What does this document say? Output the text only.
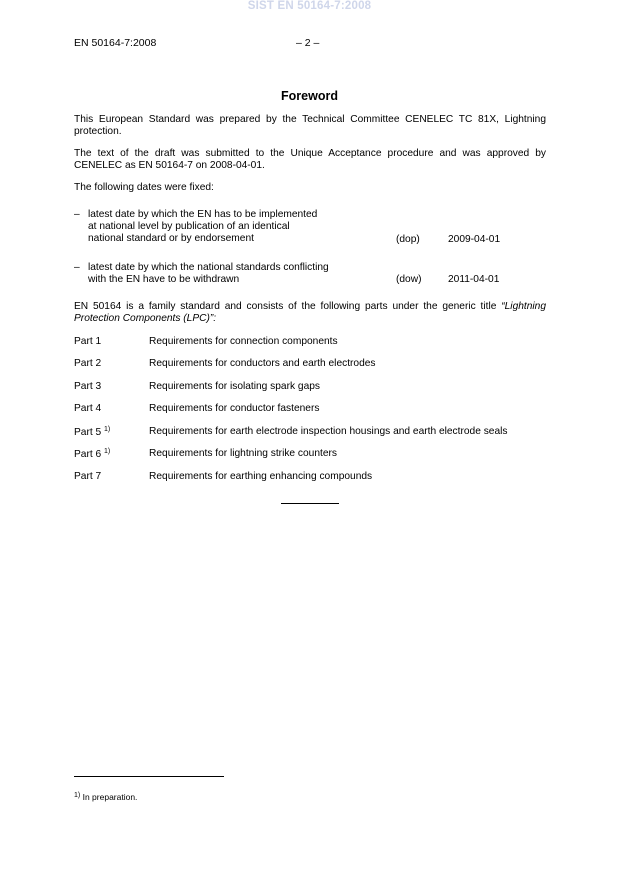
SIST EN 50164-7:2008
EN 50164-7:2008	– 2 –
Foreword
This European Standard was prepared by the Technical Committee CENELEC TC 81X, Lightning protection.
The text of the draft was submitted to the Unique Acceptance procedure and was approved by CENELEC as EN 50164-7 on 2008-04-01.
The following dates were fixed:
– latest date by which the EN has to be implemented
at national level by publication of an identical
national standard or by endorsement	(dop)	2009-04-01
– latest date by which the national standards conflicting
with the EN have to be withdrawn	(dow)	2011-04-01
EN 50164 is a family standard and consists of the following parts under the generic title “Lightning Protection Components (LPC)”:
Part 1	Requirements for connection components
Part 2	Requirements for conductors and earth electrodes
Part 3	Requirements for isolating spark gaps
Part 4	Requirements for conductor fasteners
Part 5 $^{1)}$	Requirements for earth electrode inspection housings and earth electrode seals
Part 6 $^{1)}$	Requirements for lightning strike counters
Part 7	Requirements for earthing enhancing compounds
$^{1)}$ In preparation.
